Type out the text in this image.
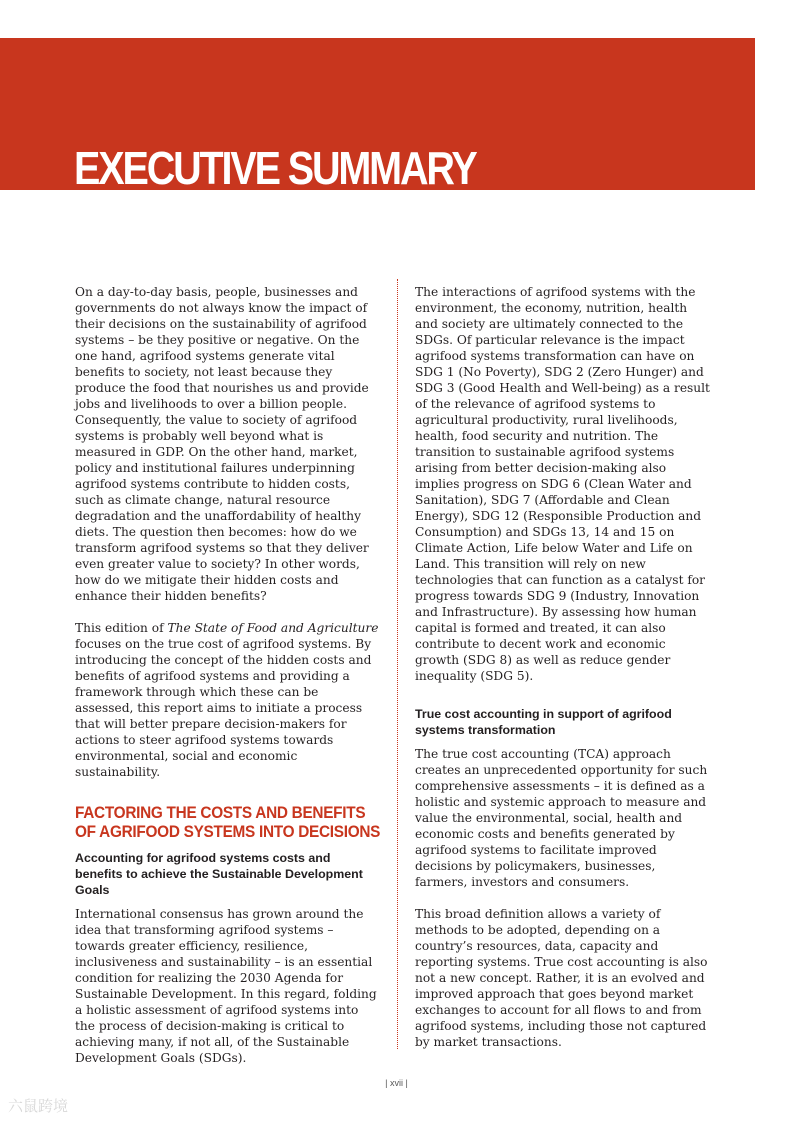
EXECUTIVE SUMMARY

On a day-to-day basis, people, businesses and governments do not always know the impact of their decisions on the sustainability of agrifood systems – be they positive or negative. On the one hand, agrifood systems generate vital benefits to society, not least because they produce the food that nourishes us and provide jobs and livelihoods to over a billion people. Consequently, the value to society of agrifood systems is probably well beyond what is measured in GDP. On the other hand, market, policy and institutional failures underpinning agrifood systems contribute to hidden costs, such as climate change, natural resource degradation and the unaffordability of healthy diets. The question then becomes: how do we transform agrifood systems so that they deliver even greater value to society? In other words, how do we mitigate their hidden costs and enhance their hidden benefits?

This edition of The State of Food and Agriculture focuses on the true cost of agrifood systems. By introducing the concept of the hidden costs and benefits of agrifood systems and providing a framework through which these can be assessed, this report aims to initiate a process that will better prepare decision-makers for actions to steer agrifood systems towards environmental, social and economic sustainability.

FACTORING THE COSTS AND BENEFITS OF AGRIFOOD SYSTEMS INTO DECISIONS
Accounting for agrifood systems costs and benefits to achieve the Sustainable Development Goals

International consensus has grown around the idea that transforming agrifood systems – towards greater efficiency, resilience, inclusiveness and sustainability – is an essential condition for realizing the 2030 Agenda for Sustainable Development. In this regard, folding a holistic assessment of agrifood systems into the process of decision-making is critical to achieving many, if not all, of the Sustainable Development Goals (SDGs).

The interactions of agrifood systems with the environment, the economy, nutrition, health and society are ultimately connected to the SDGs. Of particular relevance is the impact agrifood systems transformation can have on SDG 1 (No Poverty), SDG 2 (Zero Hunger) and SDG 3 (Good Health and Well-being) as a result of the relevance of agrifood systems to agricultural productivity, rural livelihoods, health, food security and nutrition. The transition to sustainable agrifood systems arising from better decision-making also implies progress on SDG 6 (Clean Water and Sanitation), SDG 7 (Affordable and Clean Energy), SDG 12 (Responsible Production and Consumption) and SDGs 13, 14 and 15 on Climate Action, Life below Water and Life on Land. This transition will rely on new technologies that can function as a catalyst for progress towards SDG 9 (Industry, Innovation and Infrastructure). By assessing how human capital is formed and treated, it can also contribute to decent work and economic growth (SDG 8) as well as reduce gender inequality (SDG 5).

True cost accounting in support of agrifood systems transformation

The true cost accounting (TCA) approach creates an unprecedented opportunity for such comprehensive assessments – it is defined as a holistic and systemic approach to measure and value the environmental, social, health and economic costs and benefits generated by agrifood systems to facilitate improved decisions by policymakers, businesses, farmers, investors and consumers.

This broad definition allows a variety of methods to be adopted, depending on a country’s resources, data, capacity and reporting systems. True cost accounting is also not a new concept. Rather, it is an evolved and improved approach that goes beyond market exchanges to account for all flows to and from agrifood systems, including those not captured by market transactions.

| xvii |
六鼠跨境
